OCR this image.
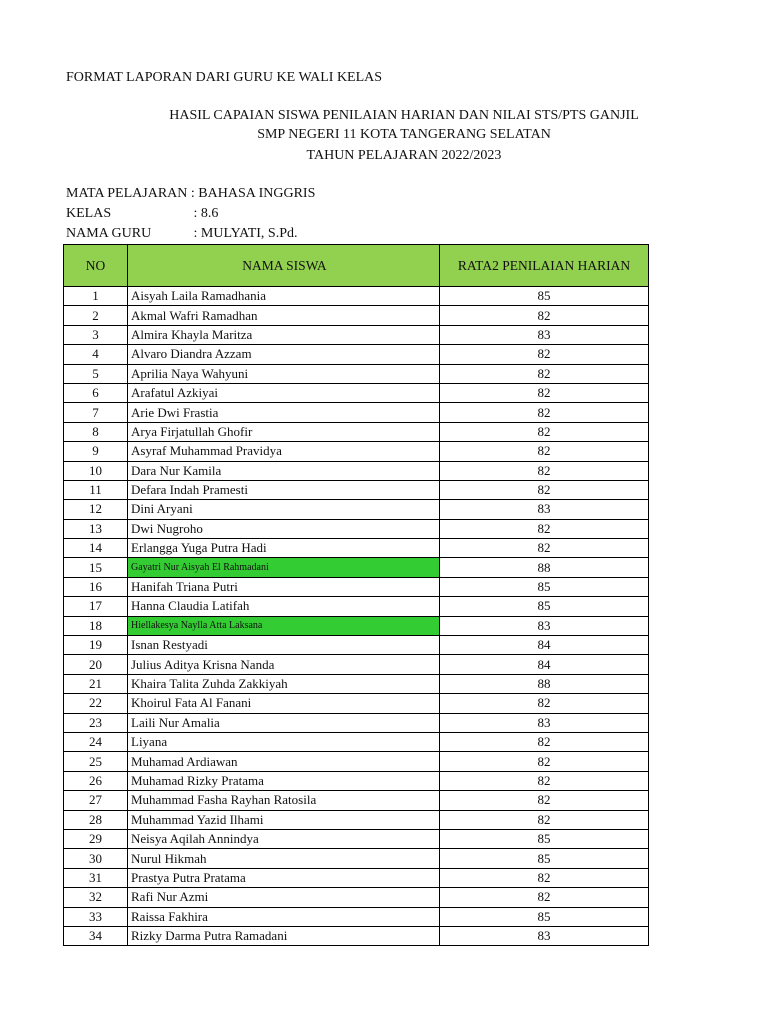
FORMAT LAPORAN DARI GURU KE WALI KELAS
HASIL CAPAIAN SISWA PENILAIAN HARIAN DAN NILAI STS/PTS GANJIL
SMP NEGERI 11 KOTA TANGERANG SELATAN
TAHUN PELAJARAN 2022/2023
MATA PELAJARAN : BAHASA INGGRIS
KELAS	: 8.6
NAMA GURU	: MULYATI, S.Pd.
NO	NAMA SISWA	RATA2 PENILAIAN HARIAN
1	Aisyah Laila Ramadhania	85
2	Akmal Wafri Ramadhan	82
3	Almira Khayla Maritza	83
4	Alvaro Diandra Azzam	82
5	Aprilia Naya Wahyuni	82
6	Arafatul Azkiyai	82
7	Arie Dwi Frastia	82
8	Arya Firjatullah Ghofir	82
9	Asyraf Muhammad Pravidya	82
10	Dara Nur Kamila	82
11	Defara Indah Pramesti	82
12	Dini Aryani	83
13	Dwi Nugroho	82
14	Erlangga Yuga Putra Hadi	82
15	Gayatri Nur Aisyah El Rahmadani	88
16	Hanifah Triana Putri	85
17	Hanna Claudia Latifah	85
18	Hiellakesya Naylla Atta Laksana	83
19	Isnan Restyadi	84
20	Julius Aditya Krisna Nanda	84
21	Khaira Talita Zuhda Zakkiyah	88
22	Khoirul Fata Al Fanani	82
23	Laili Nur Amalia	83
24	Liyana	82
25	Muhamad Ardiawan	82
26	Muhamad Rizky Pratama	82
27	Muhammad Fasha Rayhan Ratosila	82
28	Muhammad Yazid Ilhami	82
29	Neisya Aqilah Annindya	85
30	Nurul Hikmah	85
31	Prastya Putra Pratama	82
32	Rafi Nur Azmi	82
33	Raissa Fakhira	85
34	Rizky Darma Putra Ramadani	83
